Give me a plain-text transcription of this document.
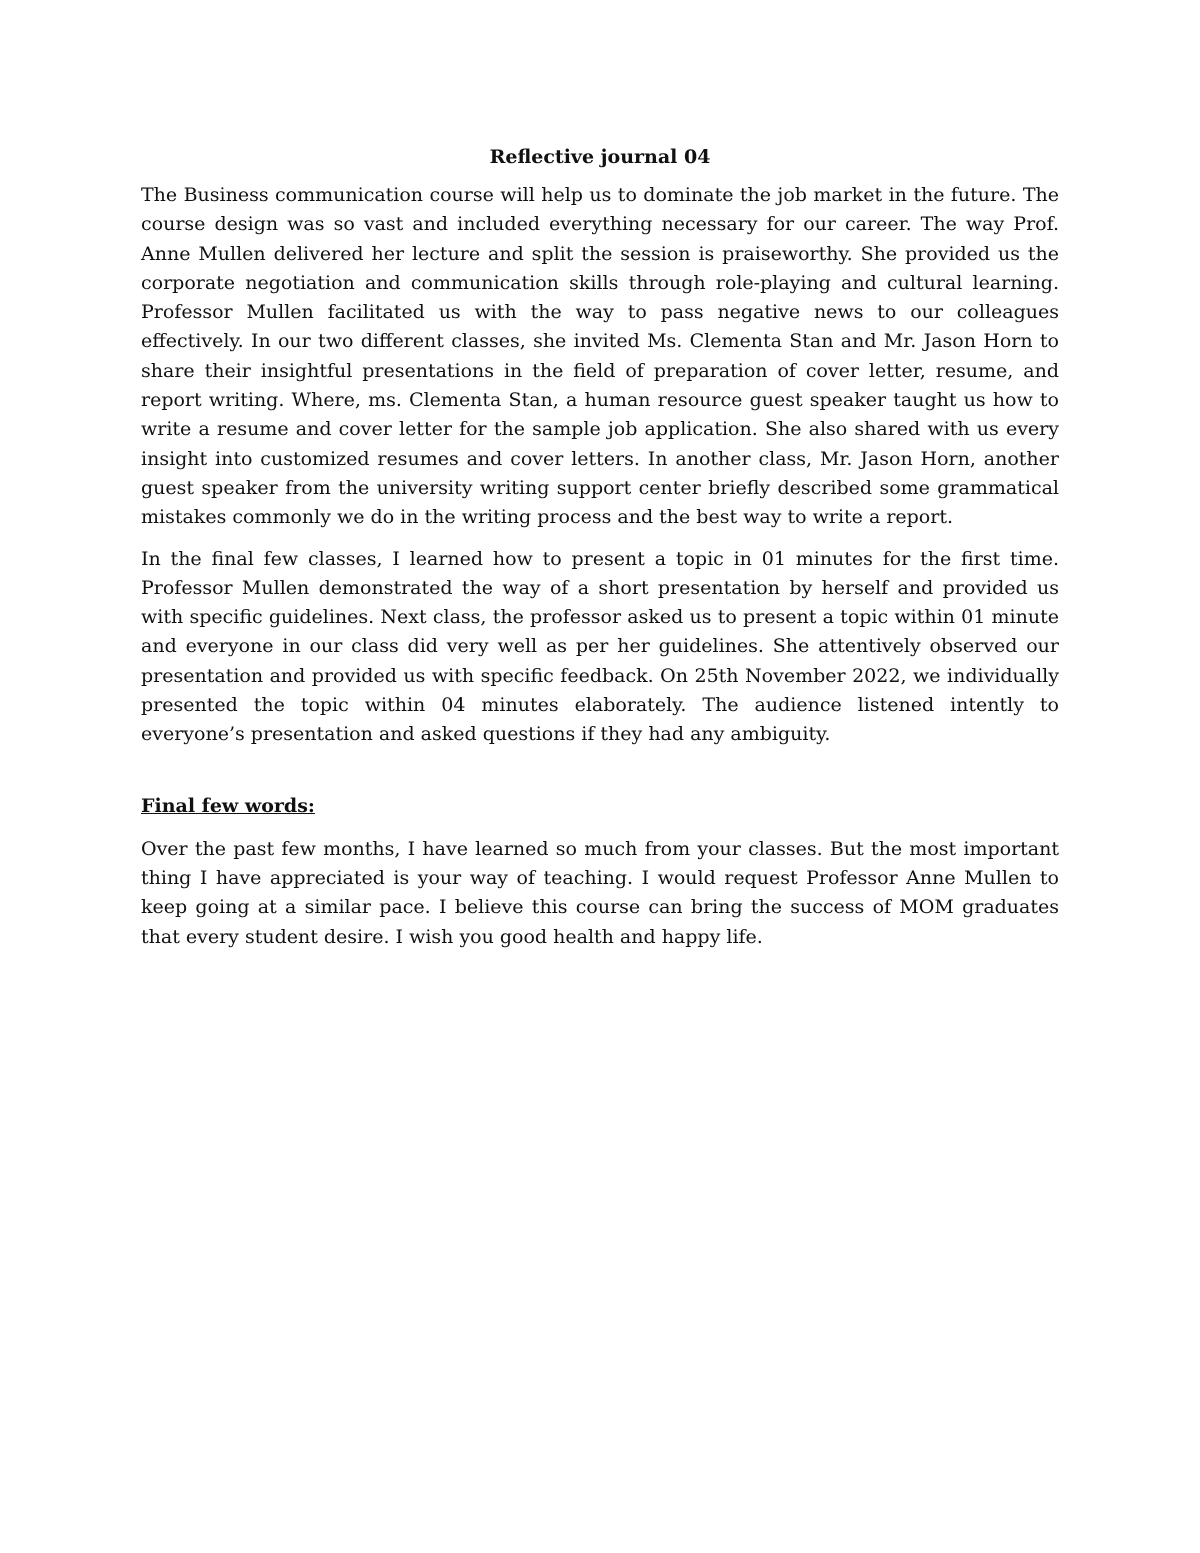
Reflective journal 04

The Business communication course will help us to dominate the job market in the future. The course design was so vast and included everything necessary for our career. The way Prof. Anne Mullen delivered her lecture and split the session is praiseworthy. She provided us the corporate negotiation and communication skills through role-playing and cultural learning. Professor Mullen facilitated us with the way to pass negative news to our colleagues effectively. In our two different classes, she invited Ms. Clementa Stan and Mr. Jason Horn to share their insightful presentations in the field of preparation of cover letter, resume, and report writing. Where, ms. Clementa Stan, a human resource guest speaker taught us how to write a resume and cover letter for the sample job application. She also shared with us every insight into customized resumes and cover letters. In another class, Mr. Jason Horn, another guest speaker from the university writing support center briefly described some grammatical mistakes commonly we do in the writing process and the best way to write a report.

In the final few classes, I learned how to present a topic in 01 minutes for the first time. Professor Mullen demonstrated the way of a short presentation by herself and provided us with specific guidelines. Next class, the professor asked us to present a topic within 01 minute and everyone in our class did very well as per her guidelines. She attentively observed our presentation and provided us with specific feedback. On 25th November 2022, we individually presented the topic within 04 minutes elaborately. The audience listened intently to everyone’s presentation and asked questions if they had any ambiguity.

Final few words:

Over the past few months, I have learned so much from your classes. But the most important thing I have appreciated is your way of teaching. I would request Professor Anne Mullen to keep going at a similar pace. I believe this course can bring the success of MOM graduates that every student desire. I wish you good health and happy life.
